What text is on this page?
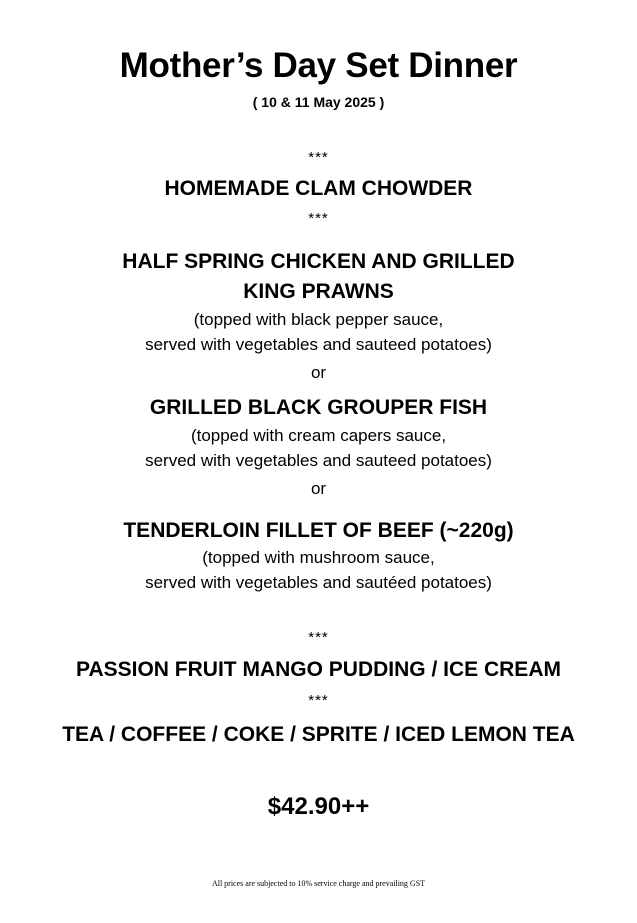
Mother’s Day Set Dinner
( 10 & 11 May 2025 )
***
HOMEMADE CLAM CHOWDER
***
HALF SPRING CHICKEN AND GRILLED
KING PRAWNS
(topped with black pepper sauce,
served with vegetables and sauteed potatoes)
or
GRILLED BLACK GROUPER FISH
(topped with cream capers sauce,
served with vegetables and sauteed potatoes)
or
TENDERLOIN FILLET OF BEEF (~220g)
(topped with mushroom sauce,
served with vegetables and sautéed potatoes)
***
PASSION FRUIT MANGO PUDDING / ICE CREAM
***
TEA / COFFEE / COKE / SPRITE / ICED LEMON TEA
$42.90++
All prices are subjected to 10% service charge and prevailing GST
